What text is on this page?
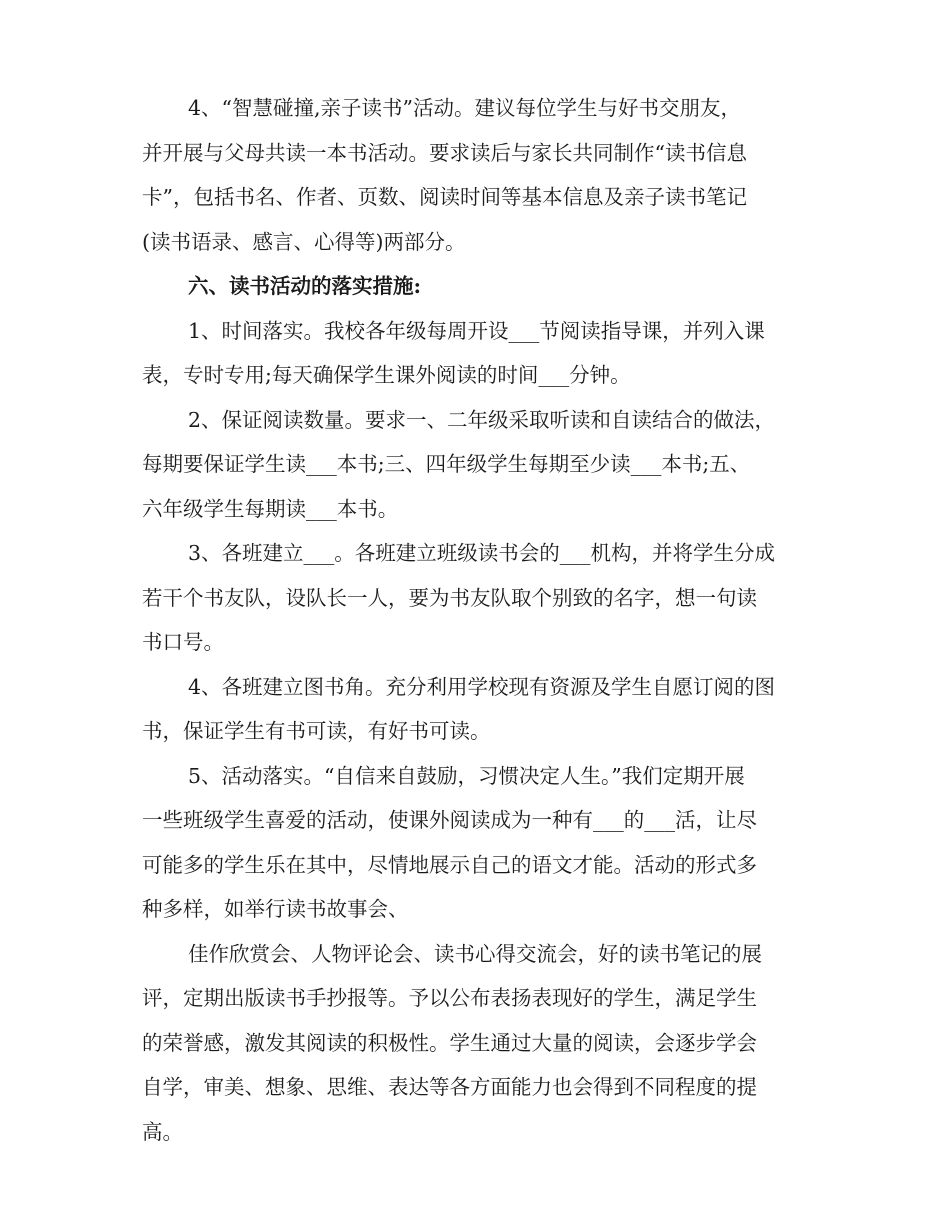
4、“智慧碰撞,亲子读书”活动。建议每位学生与好书交朋友，
并开展与父母共读一本书活动。要求读后与家长共同制作“读书信息
卡”，包括书名、作者、页数、阅读时间等基本信息及亲子读书笔记
(读书语录、感言、心得等)两部分。
六、读书活动的落实措施:
1、时间落实。我校各年级每周开设___节阅读指导课，并列入课
表，专时专用;每天确保学生课外阅读的时间___分钟。
2、保证阅读数量。要求一、二年级采取听读和自读结合的做法，
每期要保证学生读___本书;三、四年级学生每期至少读___本书;五、
六年级学生每期读___本书。
3、各班建立___。各班建立班级读书会的___机构，并将学生分成
若干个书友队，设队长一人，要为书友队取个别致的名字，想一句读
书口号。
4、各班建立图书角。充分利用学校现有资源及学生自愿订阅的图
书，保证学生有书可读，有好书可读。
5、活动落实。“自信来自鼓励，习惯决定人生。”我们定期开展
一些班级学生喜爱的活动，使课外阅读成为一种有___的___活，让尽
可能多的学生乐在其中，尽情地展示自己的语文才能。活动的形式多
种多样，如举行读书故事会、
佳作欣赏会、人物评论会、读书心得交流会，好的读书笔记的展
评，定期出版读书手抄报等。予以公布表扬表现好的学生，满足学生
的荣誉感，激发其阅读的积极性。学生通过大量的阅读，会逐步学会
自学，审美、想象、思维、表达等各方面能力也会得到不同程度的提
高。
